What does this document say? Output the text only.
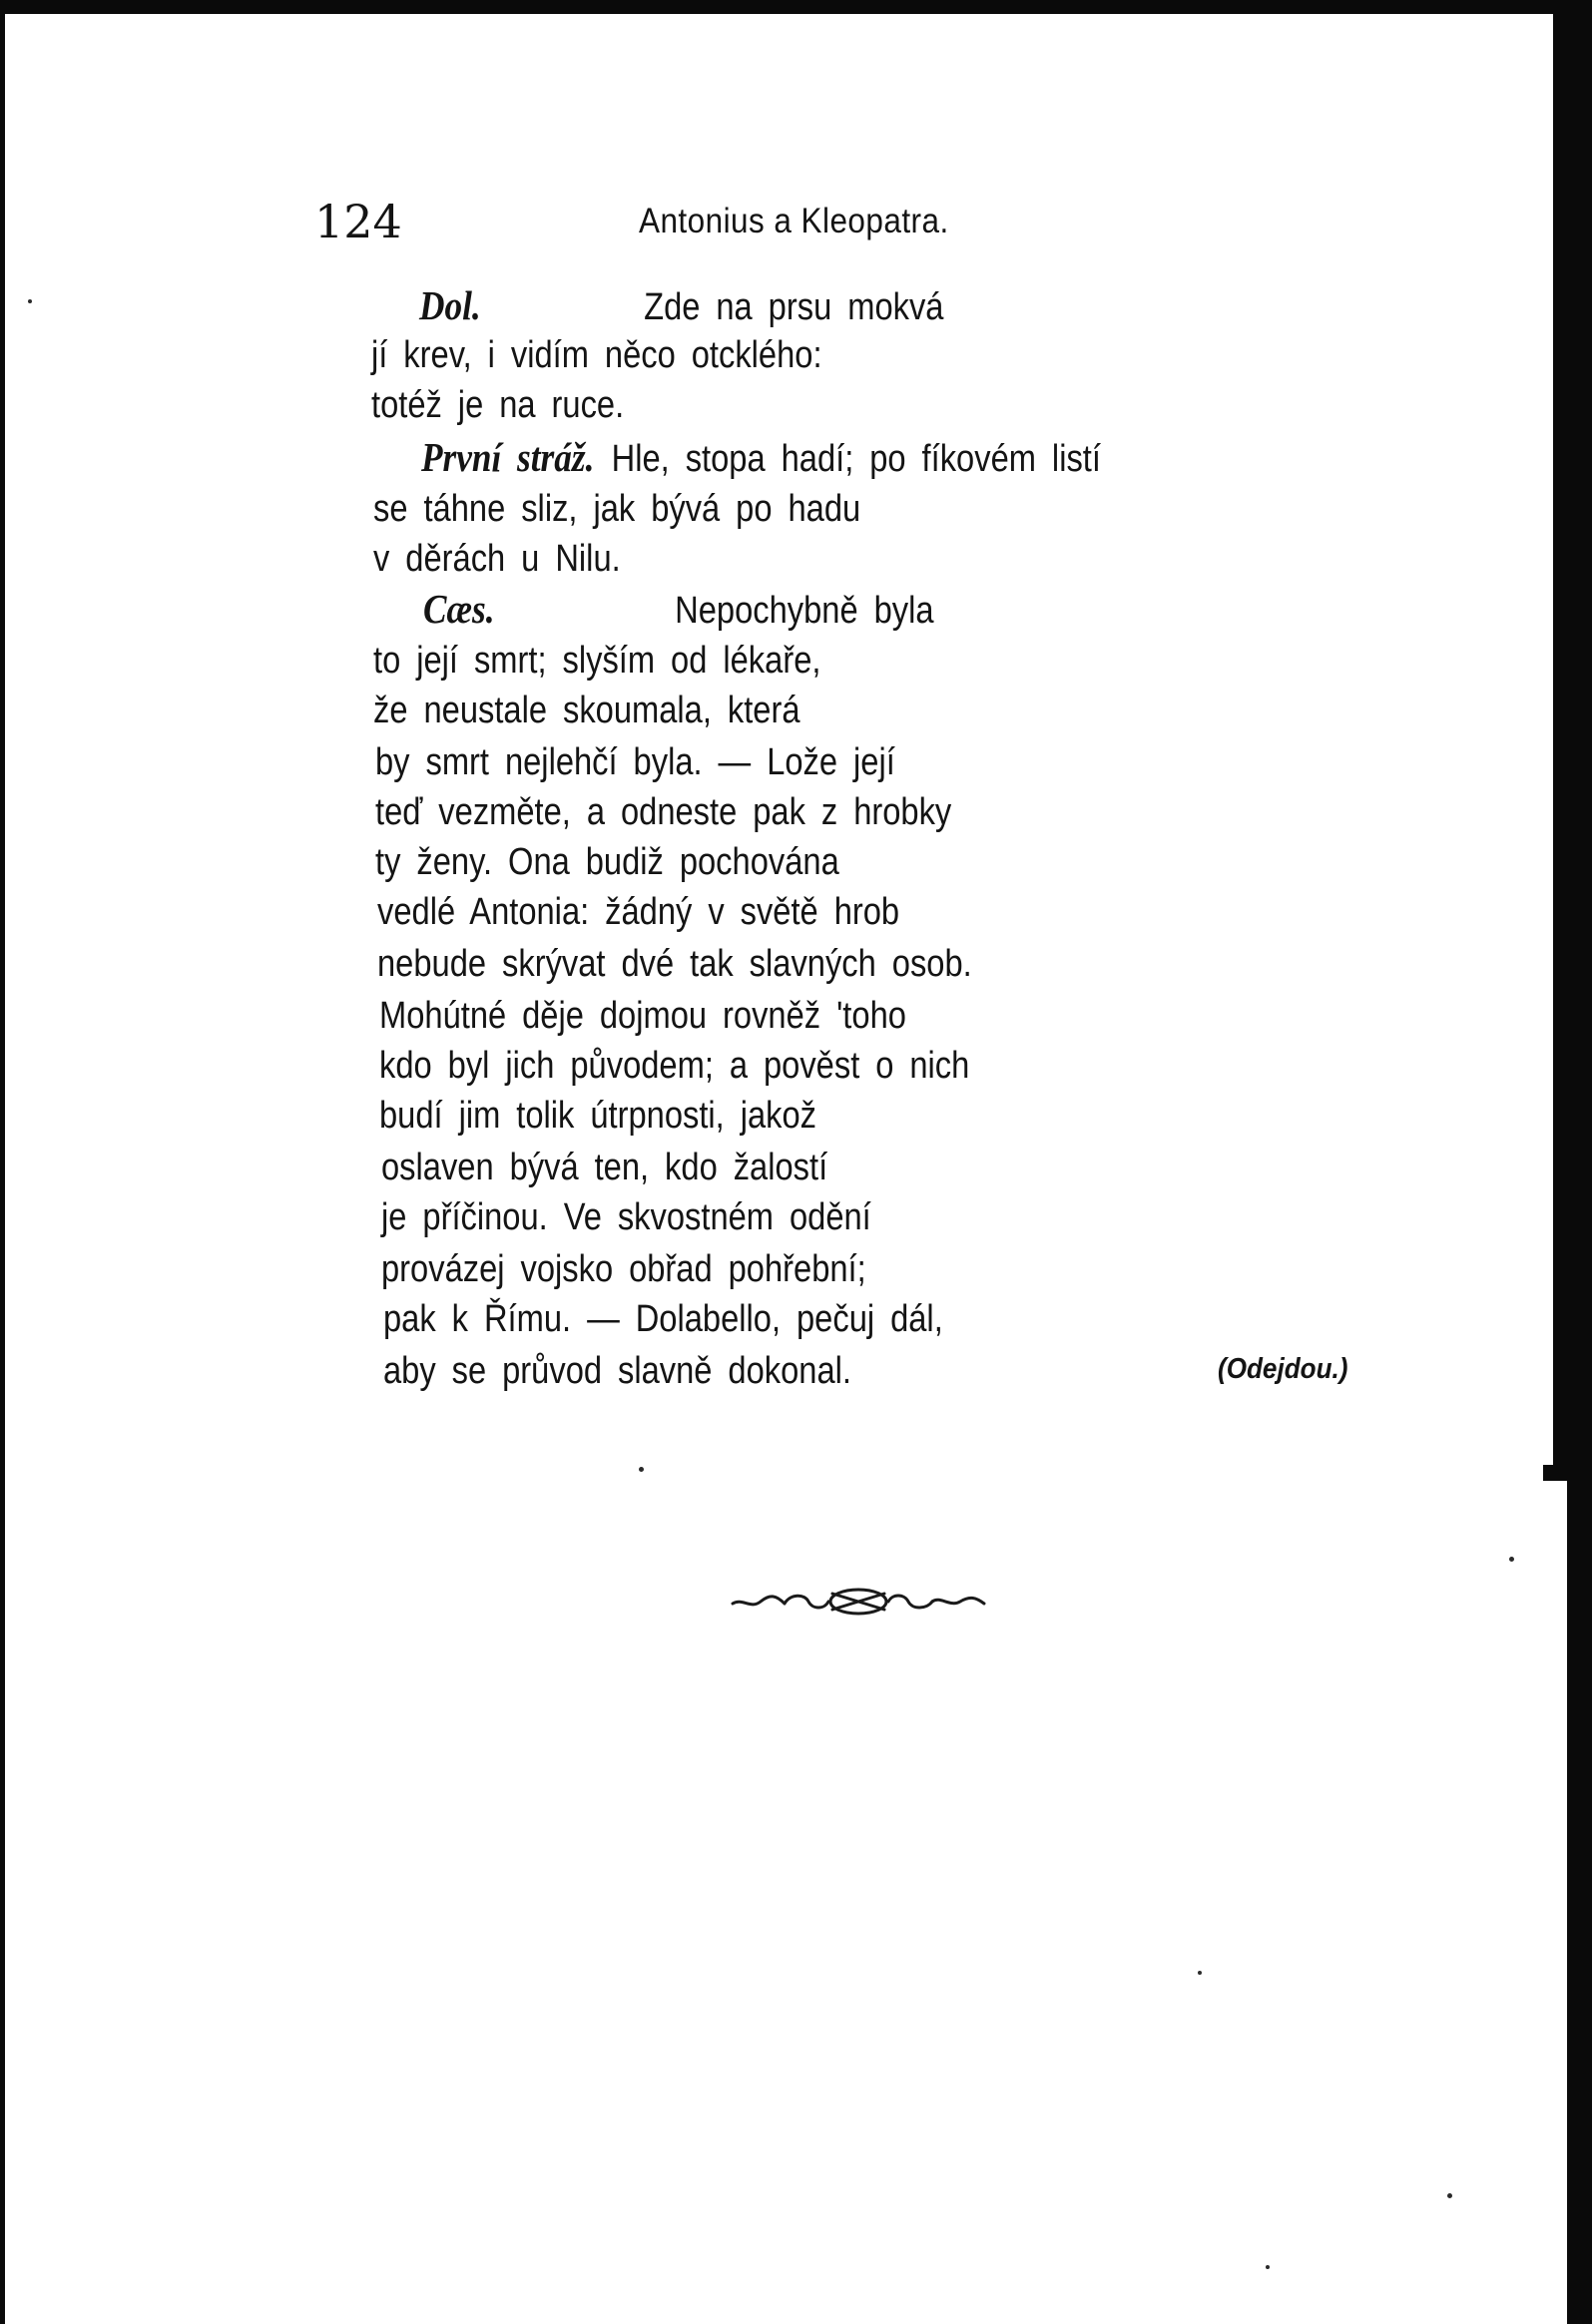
124	Antonius a Kleopatra.
Dol.	Zde na prsu mokvá
jí krev, i vidím něco otcklého:
totéž je na ruce.
První stráž. Hle, stopa hadí; po fíkovém listí
se táhne sliz, jak bývá po hadu
v děrách u Nilu.
Cæs.	Nepochybně byla
to její smrt; slyším od lékaře,
že neustale skoumala, která
by smrt nejlehčí byla. — Lože její
teď vezměte, a odneste pak z hrobky
ty ženy. Ona budiž pochována
vedlé Antonia: žádný v světě hrob
nebude skrývat dvé tak slavných osob.
Mohútné děje dojmou rovněž 'toho
kdo byl jich původem; a pověst o nich
budí jim tolik útrpnosti, jakož
oslaven bývá ten, kdo žalostí
je příčinou. Ve skvostném odění
provázej vojsko obřad pohřební;
pak k Římu. — Dolabello, pečuj dál,
aby se průvod slavně dokonal.	(Odejdou.)
